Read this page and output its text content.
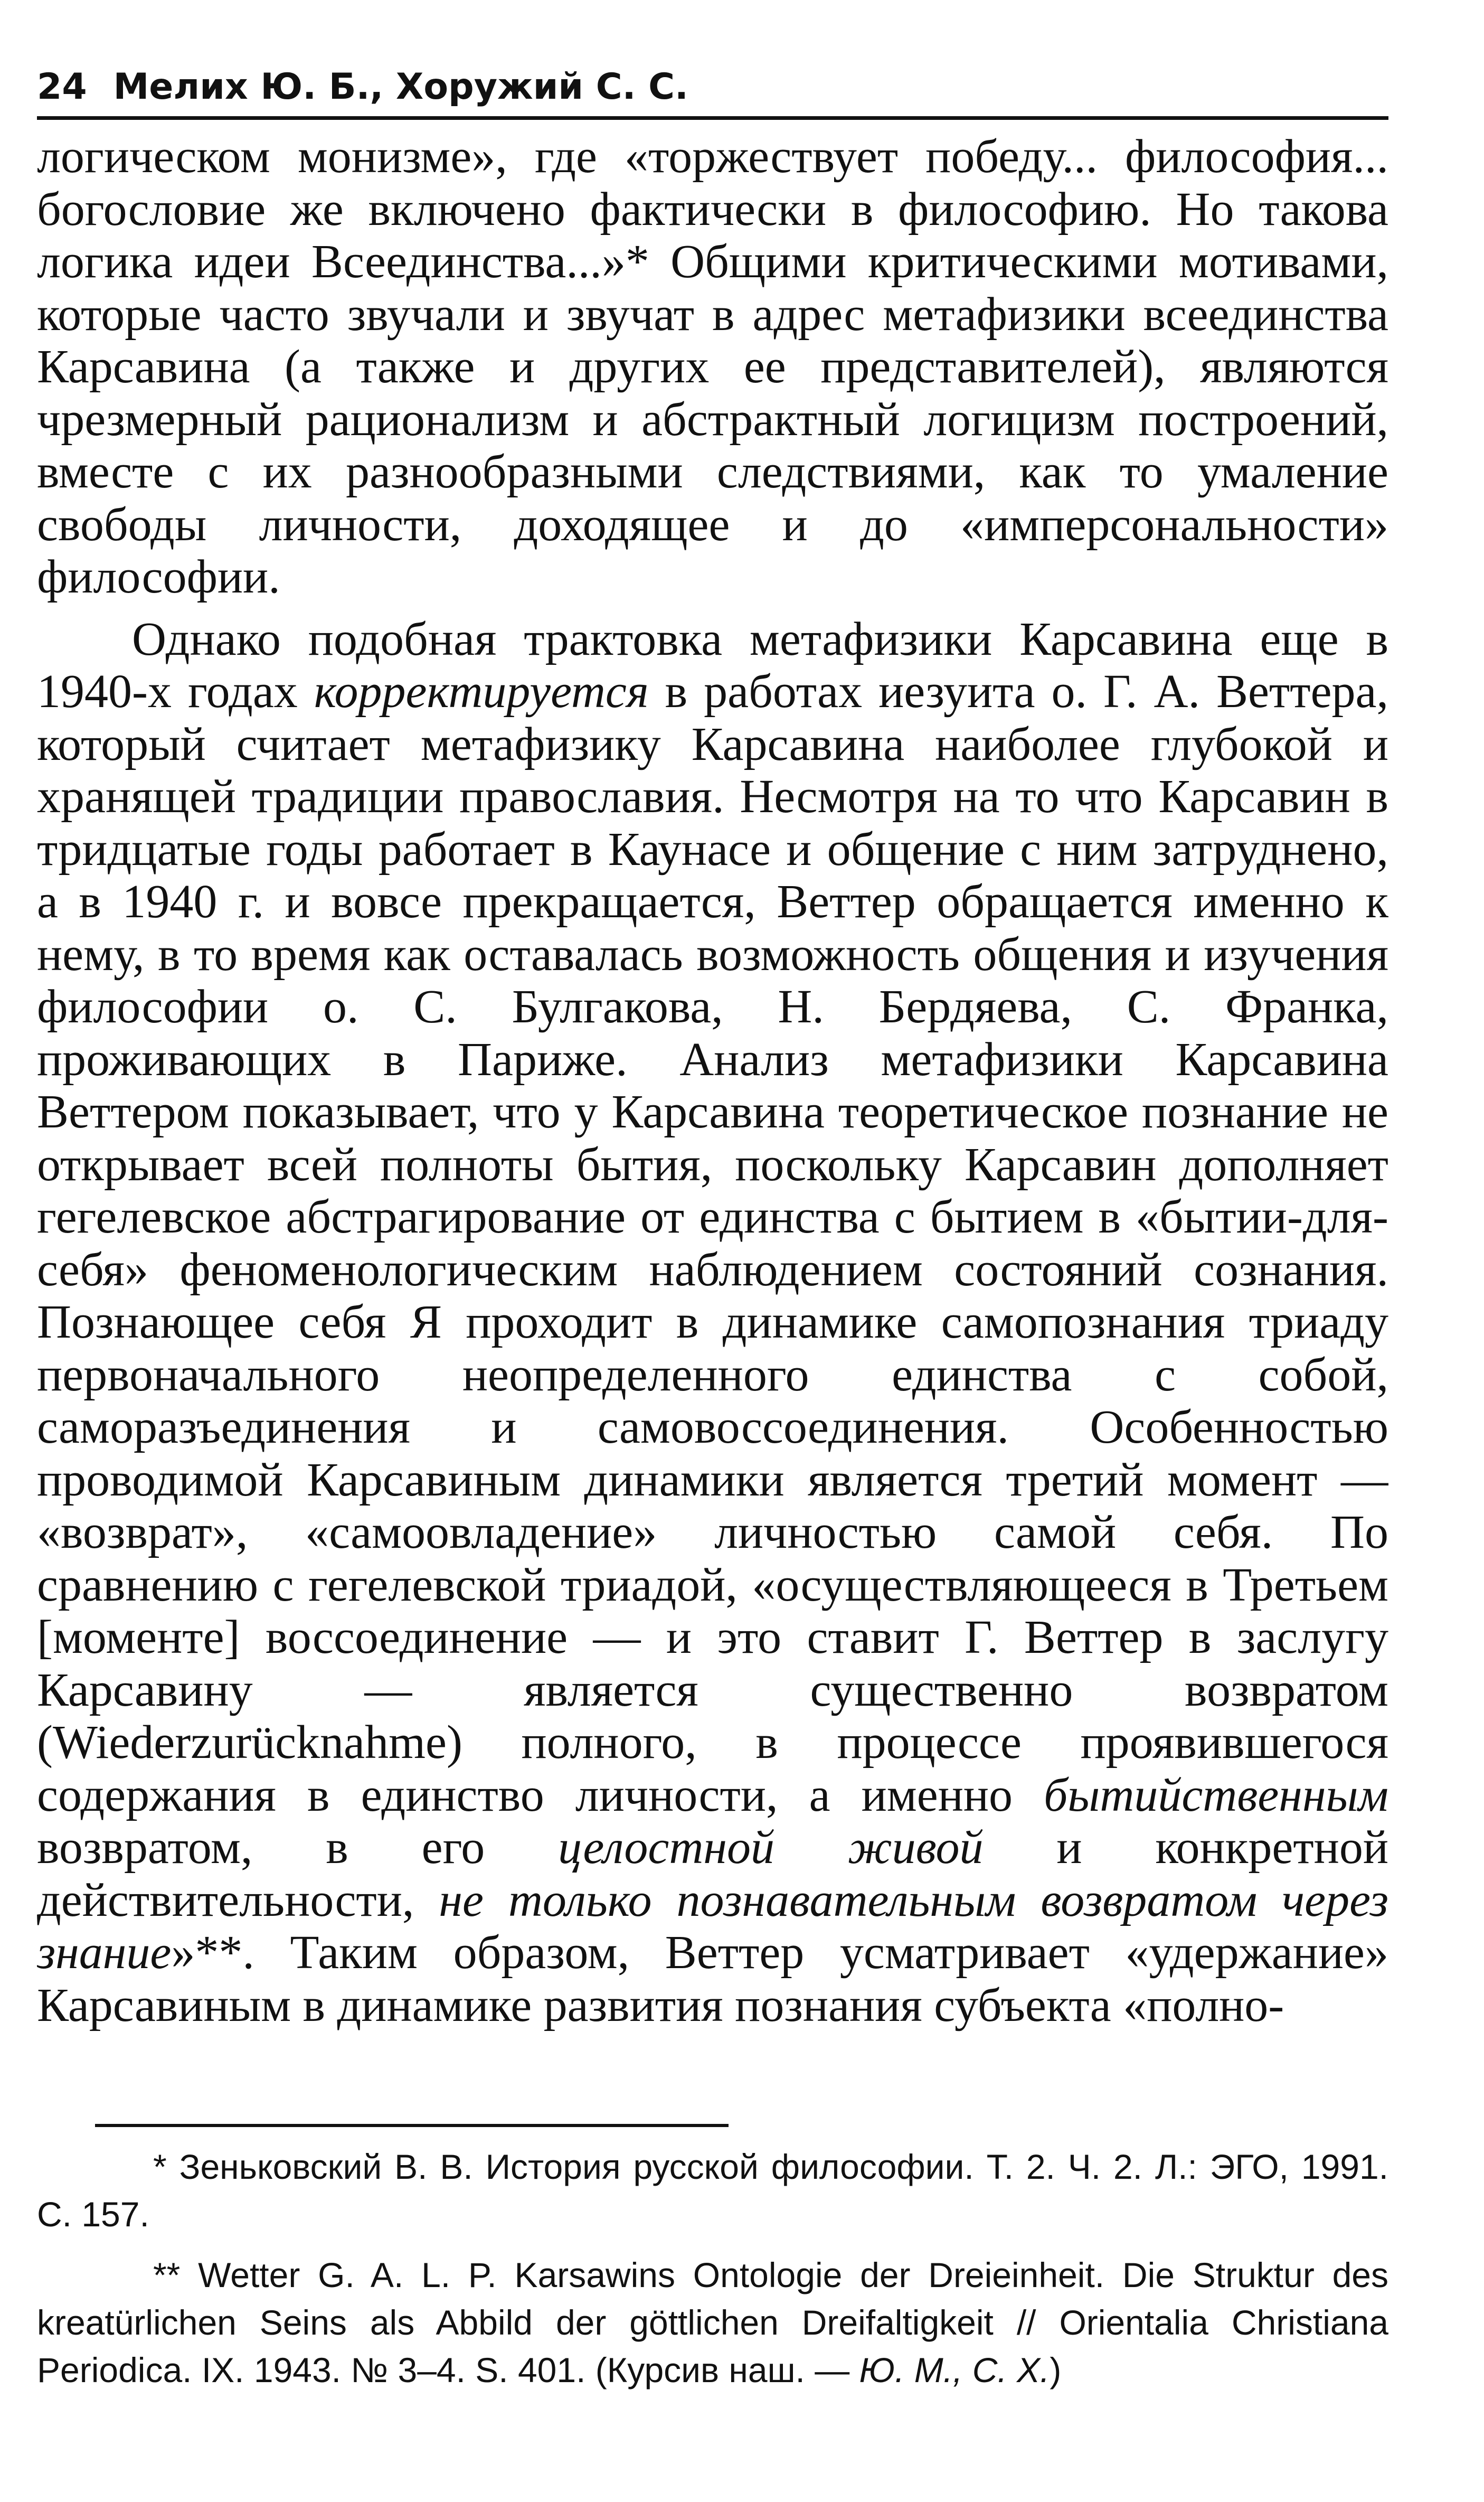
24 Мелих Ю. Б., Хоружий С. С.

логическом монизме», где «торжествует победу... философия... богословие же включено фактически в философию. Но такова логика идеи Всеединства...»* Общими критическими мотивами, которые часто звучали и звучат в адрес метафизики всеединства Карсавина (а также и других ее представителей), являются чрезмерный рационализм и абстрактный логицизм построений, вместе с их разнообразными следствиями, как то умаление свободы личности, доходящее и до «имперсональности» философии.

Однако подобная трактовка метафизики Карсавина еще в 1940-х годах корректируется в работах иезуита о. Г. А. Веттера, который считает метафизику Карсавина наиболее глубокой и хранящей традиции православия. Несмотря на то что Карсавин в тридцатые годы работает в Каунасе и общение с ним затруднено, а в 1940 г. и вовсе прекращается, Веттер обращается именно к нему, в то время как оставалась возможность общения и изучения философии о. С. Булгакова, Н. Бердяева, С. Франка, проживающих в Париже. Анализ метафизики Карсавина Веттером показывает, что у Карсавина теоретическое познание не открывает всей полноты бытия, поскольку Карсавин дополняет гегелевское абстрагирование от единства с бытием в «бытии-для-себя» феноменологическим наблюдением состояний сознания. Познающее себя Я проходит в динамике самопознания триаду первоначального неопределенного единства с собой, саморазъединения и самовоссоединения. Особенностью проводимой Карсавиным динамики является третий момент — «возврат», «самоовладение» личностью самой себя. По сравнению с гегелевской триадой, «осуществляющееся в Третьем [моменте] воссоединение — и это ставит Г. Веттер в заслугу Карсавину — является существенно возвратом (Wiederzurücknahme) полного, в процессе проявившегося содержания в единство личности, а именно бытийственным возвратом, в его целостной живой и конкретной действительности, не только познавательным возвратом через знание»**. Таким образом, Веттер усматривает «удержание» Карсавиным в динамике развития познания субъекта «полно-

* Зеньковский В. В. История русской философии. Т. 2. Ч. 2. Л.: ЭГО, 1991. С. 157.

** Wetter G. A. L. P. Karsawins Ontologie der Dreieinheit. Die Struktur des kreatürlichen Seins als Abbild der göttlichen Dreifaltigkeit // Orientalia Christiana Periodica. IX. 1943. № 3–4. S. 401. (Курсив наш. — Ю. М., С. Х.)
